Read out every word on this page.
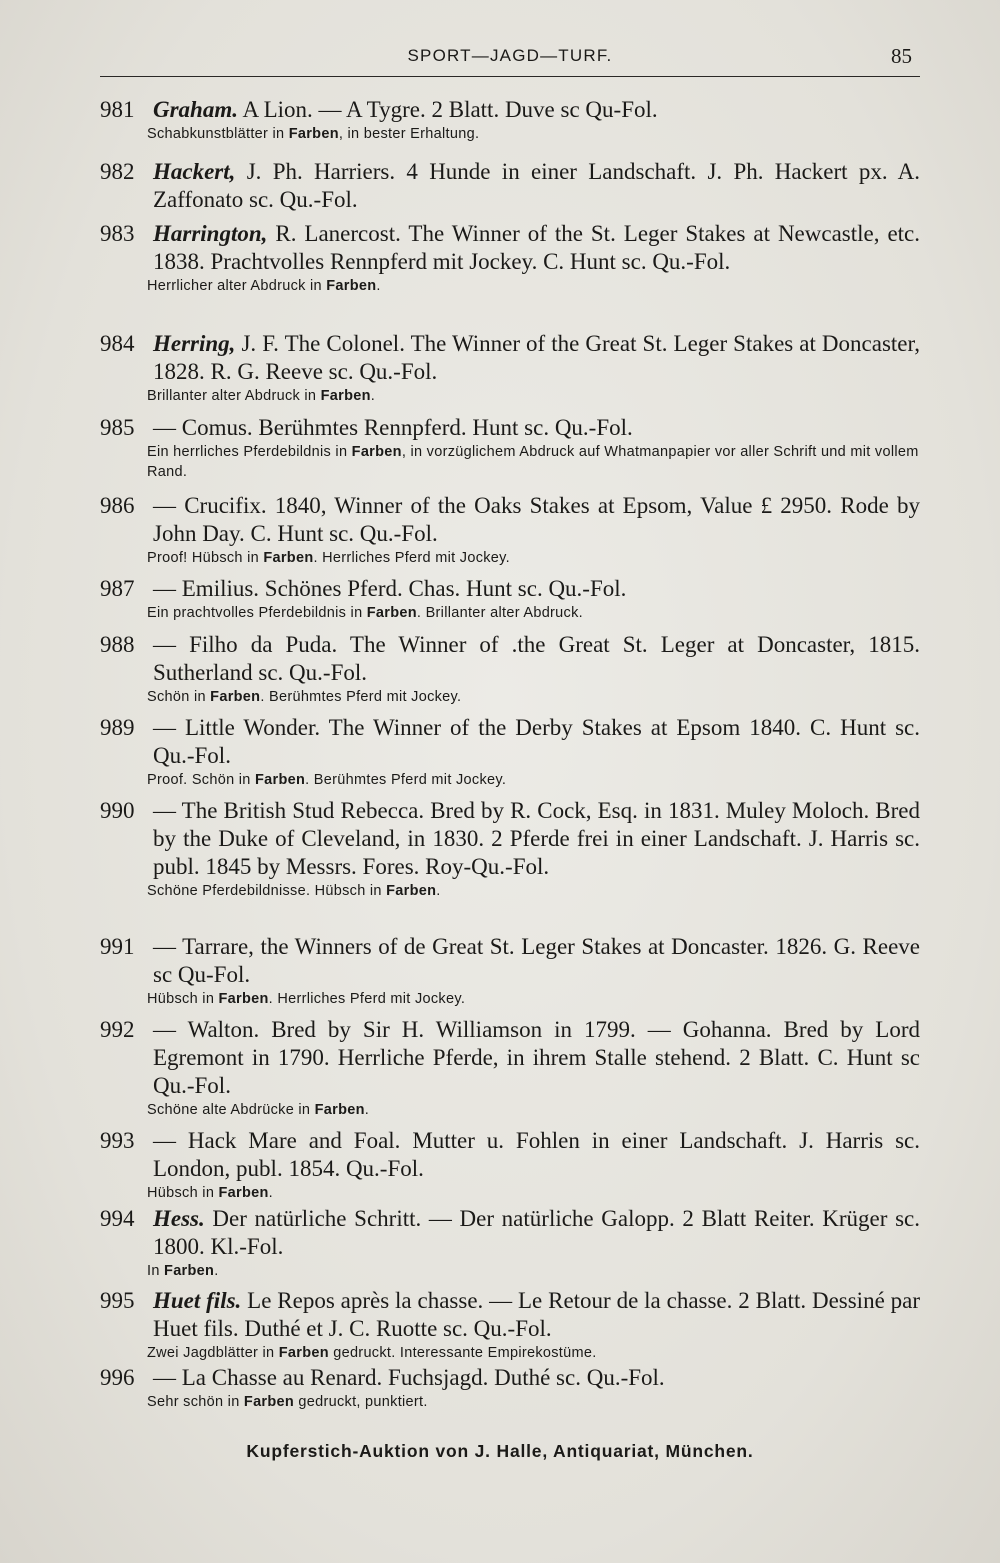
SPORT—JAGD—TURF.	85
981 Graham. A Lion. — A Tygre. 2 Blatt. Duve sc Qu-Fol.
Schabkunstblätter in Farben, in bester Erhaltung.
982 Hackert, J. Ph. Harriers. 4 Hunde in einer Landschaft. J. Ph. Hackert px. A. Zaffonato sc. Qu.-Fol.
983 Harrington, R. Lanercost. The Winner of the St. Leger Stakes at Newcastle, etc. 1838. Prachtvolles Rennpferd mit Jockey. C. Hunt sc. Qu.-Fol.
Herrlicher alter Abdruck in Farben.
984 Herring, J. F. The Colonel. The Winner of the Great St. Leger Stakes at Doncaster, 1828. R. G. Reeve sc. Qu.-Fol.
Brillanter alter Abdruck in Farben.
985 — Comus. Berühmtes Rennpferd. Hunt sc. Qu.-Fol.
Ein herrliches Pferdebildnis in Farben, in vorzüglichem Abdruck auf Whatmanpapier vor aller Schrift und mit vollem Rand.
986 — Crucifix. 1840, Winner of the Oaks Stakes at Epsom, Value £ 2950. Rode by John Day. C. Hunt sc. Qu.-Fol.
Proof! Hübsch in Farben. Herrliches Pferd mit Jockey.
987 — Emilius. Schönes Pferd. Chas. Hunt sc. Qu.-Fol.
Ein prachtvolles Pferdebildnis in Farben. Brillanter alter Abdruck.
988 — Filho da Puda. The Winner of .the Great St. Leger at Doncaster, 1815. Sutherland sc. Qu.-Fol.
Schön in Farben. Berühmtes Pferd mit Jockey.
989 — Little Wonder. The Winner of the Derby Stakes at Epsom 1840. C. Hunt sc. Qu.-Fol.
Proof. Schön in Farben. Berühmtes Pferd mit Jockey.
990 — The British Stud Rebecca. Bred by R. Cock, Esq. in 1831. Muley Moloch. Bred by the Duke of Cleveland, in 1830. 2 Pferde frei in einer Landschaft. J. Harris sc. publ. 1845 by Messrs. Fores. Roy-Qu.-Fol.
Schöne Pferdebildnisse. Hübsch in Farben.
991 — Tarrare, the Winners of de Great St. Leger Stakes at Doncaster. 1826. G. Reeve sc Qu-Fol.
Hübsch in Farben. Herrliches Pferd mit Jockey.
992 — Walton. Bred by Sir H. Williamson in 1799. — Gohanna. Bred by Lord Egremont in 1790. Herrliche Pferde, in ihrem Stalle stehend. 2 Blatt. C. Hunt sc Qu.-Fol.
Schöne alte Abdrücke in Farben.
993 — Hack Mare and Foal. Mutter u. Fohlen in einer Landschaft. J. Harris sc. London, publ. 1854. Qu.-Fol.
Hübsch in Farben.
994 Hess. Der natürliche Schritt. — Der natürliche Galopp. 2 Blatt Reiter. Krüger sc. 1800. Kl.-Fol.
In Farben.
995 Huet fils. Le Repos après la chasse. — Le Retour de la chasse. 2 Blatt. Dessiné par Huet fils. Duthé et J. C. Ruotte sc. Qu.-Fol.
Zwei Jagdblätter in Farben gedruckt. Interessante Empirekostüme.
996 — La Chasse au Renard. Fuchsjagd. Duthé sc. Qu.-Fol.
Sehr schön in Farben gedruckt, punktiert.
Kupferstich-Auktion von J. Halle, Antiquariat, München.
